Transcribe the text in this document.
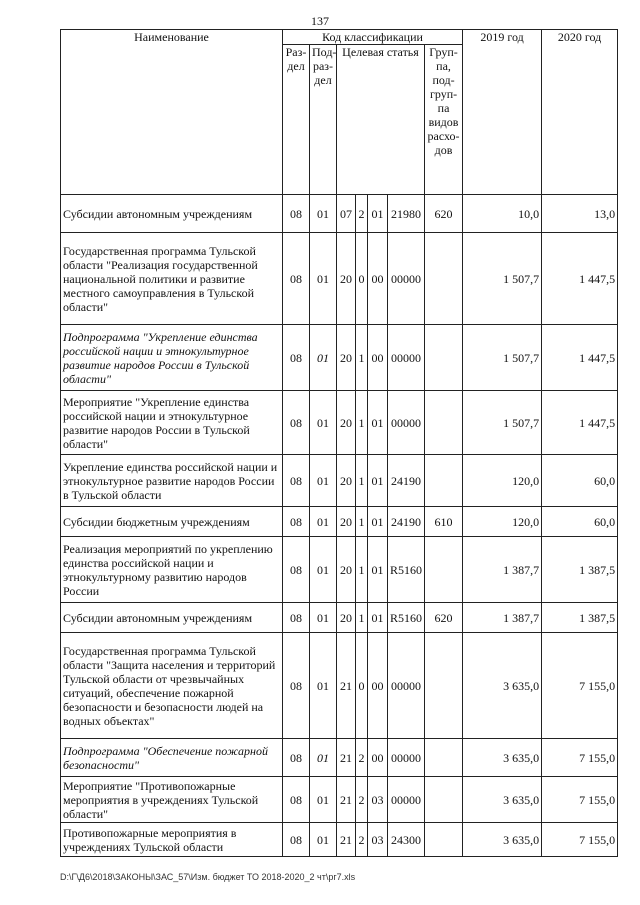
137
Наименование	Код классификации							2019 год	2020 год
	Раз-дел	Под-раз-дел	Целевая статья				Груп-па, под-груп-па видов расхо-дов		
Субсидии автономным учреждениям	08	01	07	2	01	21980	620	10,0	13,0
Государственная программа Тульской области "Реализация государственной национальной политики и развитие местного самоуправления в Тульской области"	08	01	20	0	00	00000		1 507,7	1 447,5
Подпрограмма "Укрепление единства российской нации и этнокультурное развитие народов России в Тульской области"	08	01	20	1	00	00000		1 507,7	1 447,5
Мероприятие "Укрепление единства российской нации и этнокультурное развитие народов России в Тульской области"	08	01	20	1	01	00000		1 507,7	1 447,5
Укрепление единства российской нации и этнокультурное развитие народов России в Тульской области	08	01	20	1	01	24190		120,0	60,0
Субсидии бюджетным учреждениям	08	01	20	1	01	24190	610	120,0	60,0
Реализация мероприятий по укреплению единства российской нации и этнокультурному развитию народов России	08	01	20	1	01	R5160		1 387,7	1 387,5
Субсидии автономным учреждениям	08	01	20	1	01	R5160	620	1 387,7	1 387,5
Государственная программа Тульской области "Защита населения и территорий Тульской области от чрезвычайных ситуаций, обеспечение пожарной безопасности и безопасности людей на водных объектах"	08	01	21	0	00	00000		3 635,0	7 155,0
Подпрограмма "Обеспечение пожарной безопасности"	08	01	21	2	00	00000		3 635,0	7 155,0
Мероприятие "Противопожарные мероприятия в учреждениях Тульской области"	08	01	21	2	03	00000		3 635,0	7 155,0
Противопожарные мероприятия в учреждениях Тульской области	08	01	21	2	03	24300		3 635,0	7 155,0
D:\Г\Д6\2018\ЗАКОНЫ\ЗАС_57\Изм. бюджет ТО 2018-2020_2 чт\рг7.xls
